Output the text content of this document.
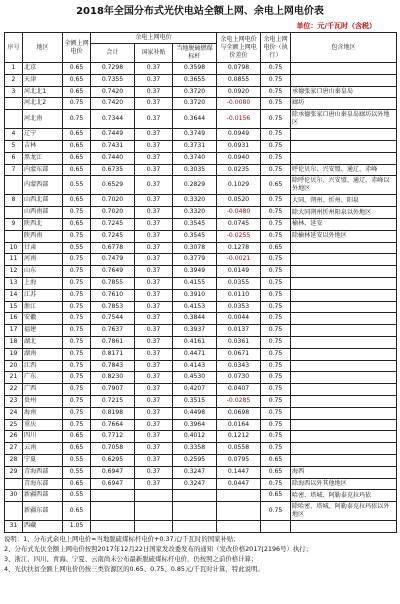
2018年全国分布式光伏电站全额上网、余电上网电价表
单位：元/千瓦时（含税）
序号	地区	全额上网电价	余电上网电价			余电上网电价与全额上网电价差价	余电上网电价（执行）	包含地区
			合计	国家补贴	当地脱硫燃煤标杆			
1	北京	0.65	0.7298	0.37	0.3598	0.0798	0.75	
2	天津	0.65	0.7355	0.37	0.3655	0.0855	0.75	
3	河北北1	0.65	0.7420	0.37	0.3720	0.0920	0.75	承德张家口唐山秦皇岛
	河北北2	0.75	0.7420	0.37	0.3720	-0.0080	0.75	廊坊
	河北南	0.75	0.7344	0.37	0.3644	-0.0156	0.75	除承德张家口唐山秦皇岛廊坊以外地区
4	辽宁	0.65	0.7449	0.37	0.3749	0.0949	0.75	
5	吉林	0.65	0.7431	0.37	0.3731	0.0931	0.75	
6	黑龙江	0.65	0.7440	0.37	0.3740	0.0940	0.75	
7	内蒙东部	0.65	0.6735	0.37	0.3035	0.0235	0.75	呼伦贝尔、兴安盟、通辽、赤峰
	内蒙西部	0.55	0.6529	0.37	0.2829	0.1029	0.65	除呼伦贝尔、兴安盟、通辽、赤峰以外地区
8	山西北部	0.65	0.7020	0.37	0.3320	0.0520	0.75	大同、朔州、忻州、阳泉
	山西南部	0.75	0.7020	0.37	0.3320	-0.0480	0.75	除大同朔州忻州阳泉以外地区
9	陕西北	0.65	0.7245	0.37	0.3545	0.0745	0.75	榆林、延安
	陕西南	0.75	0.7245	0.37	0.3545	-0.0255	0.75	除榆林延安以外地区
10	甘肃	0.55	0.6778	0.37	0.3078	0.1278	0.65	
11	河南	0.75	0.7479	0.37	0.3779	-0.0021	0.75	
12	山东	0.75	0.7649	0.37	0.3949	0.0149	0.75	
13	上海	0.75	0.7855	0.37	0.4155	0.0355	0.75	
14	江苏	0.75	0.7610	0.37	0.3910	0.0110	0.75	
15	浙江	0.75	0.7853	0.37	0.4153	0.0353	0.75	
16	安徽	0.75	0.7544	0.37	0.3844	0.0044	0.75	
17	福建	0.75	0.7637	0.37	0.3937	0.0137	0.75	
18	湖北	0.75	0.7861	0.37	0.4161	0.0361	0.75	
19	湖南	0.75	0.8171	0.37	0.4471	0.0671	0.75	
20	江西	0.75	0.7843	0.37	0.4143	0.0343	0.75	
21	广东	0.75	0.8230	0.37	0.4530	0.0730	0.75	
22	广西	0.75	0.7907	0.37	0.4207	0.0407	0.75	
23	贵州	0.75	0.7215	0.37	0.3515	-0.0285	0.75	
24	海南	0.75	0.8198	0.37	0.4498	0.0698	0.75	
25	重庆	0.75	0.7664	0.37	0.3964	0.0164	0.75	
26	四川	0.65	0.7712	0.37	0.4012	0.1212	0.75	
27	云南	0.65	0.7058	0.37	0.3358	0.0558	0.75	
28	宁夏	0.55	0.6295	0.37	0.2595	0.0795	0.65	
29	青海西部	0.55	0.6947	0.37	0.3247	0.1447	0.65	海西
	青海东部	0.65	0.6947	0.37	0.3247	0.0447	0.75	除海西以外其他地区
30	新疆西部	0.55					0.65	哈密、塔城、阿勒泰克拉玛依
	新疆东部	0.65					0.75	除哈密、塔城、阿勒泰克拉玛依以外地区
31	西藏	1.05						
说明：1、分布式余电上网电价=当地脱硫煤标杆电价+0.37元/千瓦时的国家补贴；
2、分布式光伏全额上网电价按照2017年12月22日国家发改委发布的通知（发改价格2017[2196号）执行；
3、浙江、四川、青海、宁夏、云南尚未公布最新脱硫煤标杆电价，仍按照之前价格计算；
4、光伏扶贫全额上网电价仍按三类资源区的0.65、0.75、0.85元/千瓦时计算，特此说明。
